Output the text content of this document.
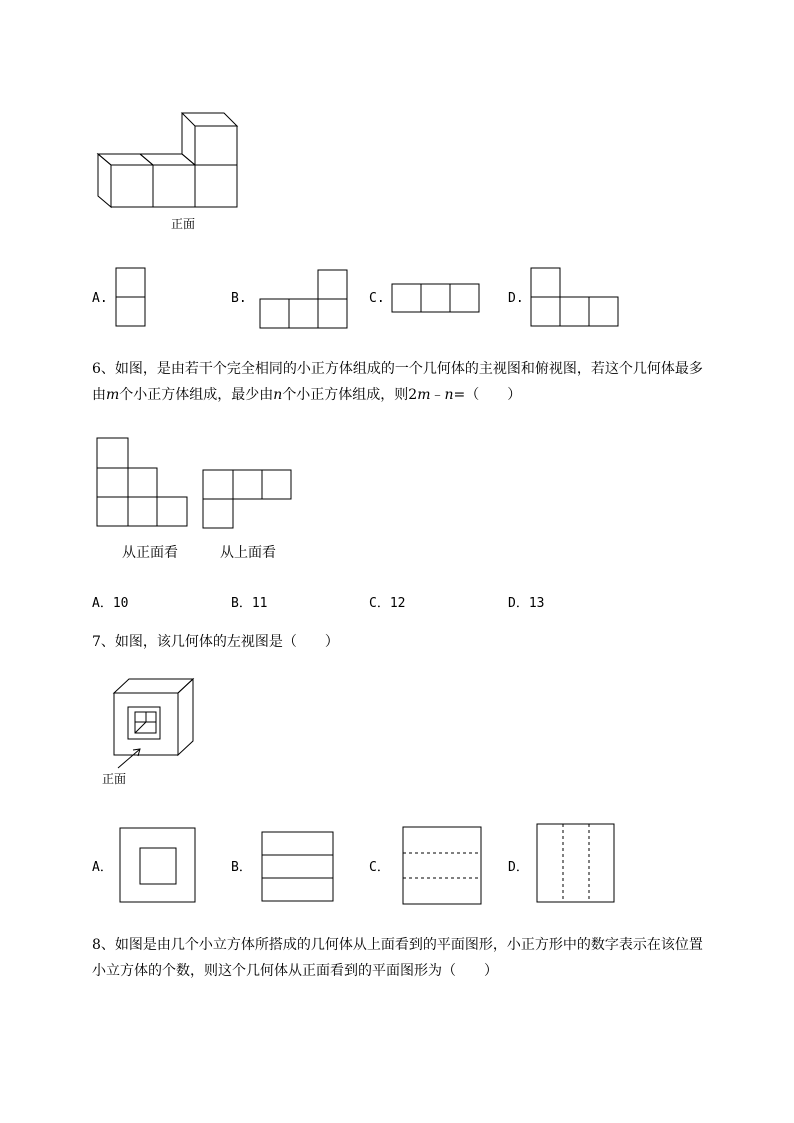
正面
A.	B.	C.	D.
6、如图，是由若干个完全相同的小正方体组成的一个几何体的主视图和俯视图，若这个几何体最多
由m个小正方体组成，最少由n个小正方体组成，则2m﹣n=（　　）
从正面看	从上面看
A．10	B．11	C．12	D．13
7、如图，该几何体的左视图是（　　）
正面
A．	B．	C．	D．
8、如图是由几个小立方体所搭成的几何体从上面看到的平面图形，小正方形中的数字表示在该位置
小立方体的个数，则这个几何体从正面看到的平面图形为（　　）
